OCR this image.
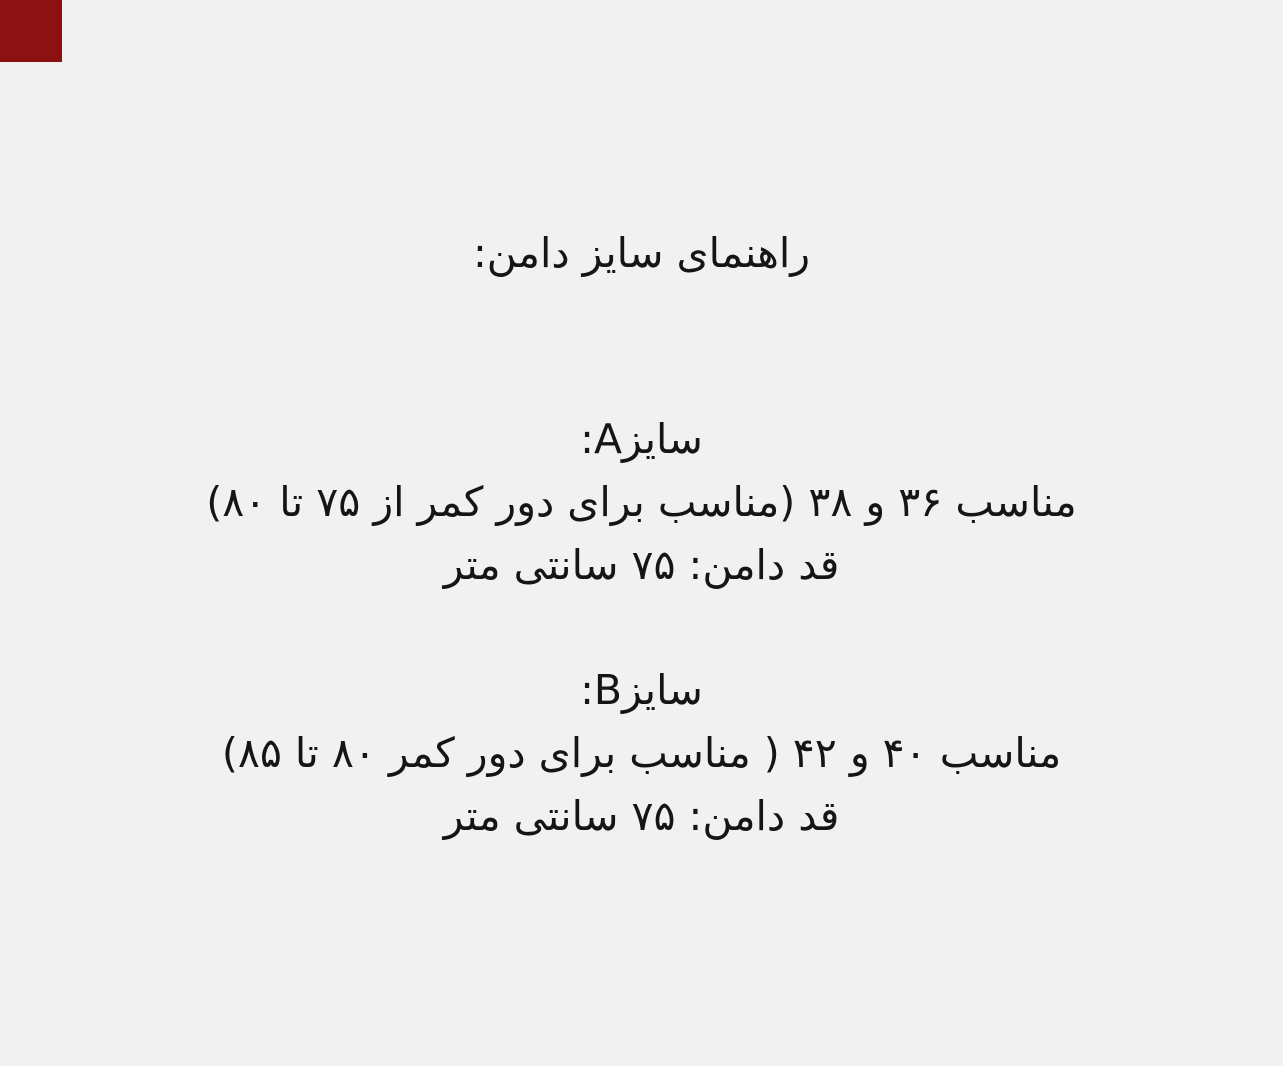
راهنمای سایز دامن:
سایزA:

مناسب ۳۶ و ۳۸ (مناسب برای دور کمر از ۷۵ تا ۸۰)

قد دامن: ۷۵ سانتی متر

سایزB:

مناسب ۴۰ و ۴۲ ( مناسب برای دور کمر ۸۰ تا ۸۵)

قد دامن: ۷۵ سانتی متر
